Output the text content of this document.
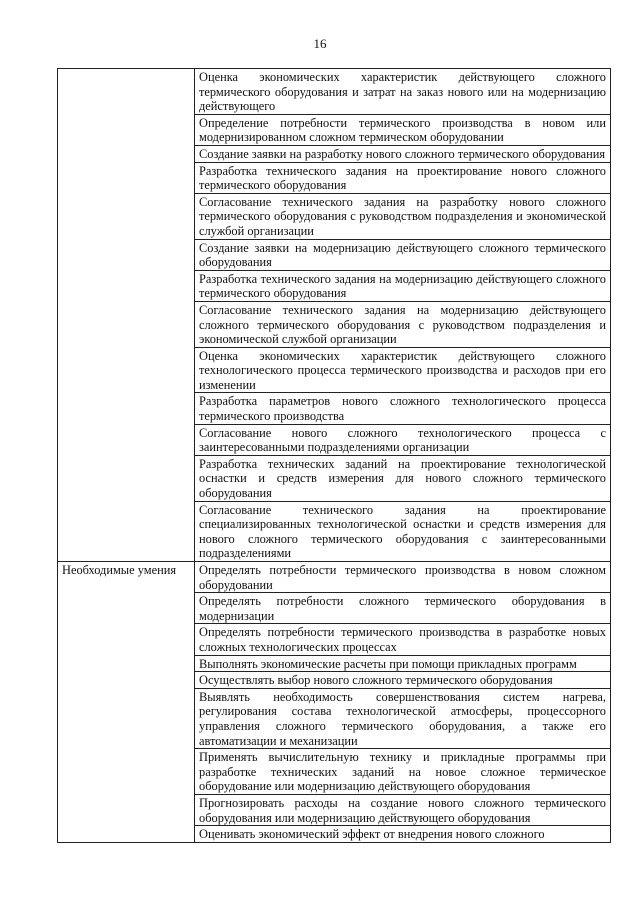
16
	Оценка экономических характеристик действующего сложного термического оборудования и затрат на заказ нового или на модернизацию действующего
	Определение потребности термического производства в новом или модернизированном сложном термическом оборудовании
	Создание заявки на разработку нового сложного термического оборудования
	Разработка технического задания на проектирование нового сложного термического оборудования
	Согласование технического задания на разработку нового сложного термического оборудования с руководством подразделения и экономической службой организации
	Создание заявки на модернизацию действующего сложного термического оборудования
	Разработка технического задания на модернизацию действующего сложного термического оборудования
	Согласование технического задания на модернизацию действующего сложного термического оборудования с руководством подразделения и экономической службой организации
	Оценка экономических характеристик действующего сложного технологического процесса термического производства и расходов при его изменении
	Разработка параметров нового сложного технологического процесса термического производства
	Согласование нового сложного технологического процесса с заинтересованными подразделениями организации
	Разработка технических заданий на проектирование технологической оснастки и средств измерения для нового сложного термического оборудования
	Согласование технического задания на проектирование специализированных технологической оснастки и средств измерения для нового сложного термического оборудования с заинтересованными подразделениями
Необходимые умения	Определять потребности термического производства в новом сложном оборудовании
	Определять потребности сложного термического оборудования в модернизации
	Определять потребности термического производства в разработке новых сложных технологических процессах
	Выполнять экономические расчеты при помощи прикладных программ
	Осуществлять выбор нового сложного термического оборудования
	Выявлять необходимость совершенствования систем нагрева, регулирования состава технологической атмосферы, процессорного управления сложного термического оборудования, а также его автоматизации и механизации
	Применять вычислительную технику и прикладные программы при разработке технических заданий на новое сложное термическое оборудование или модернизацию действующего оборудования
	Прогнозировать расходы на создание нового сложного термического оборудования или модернизацию действующего оборудования
	Оценивать экономический эффект от внедрения нового сложного
